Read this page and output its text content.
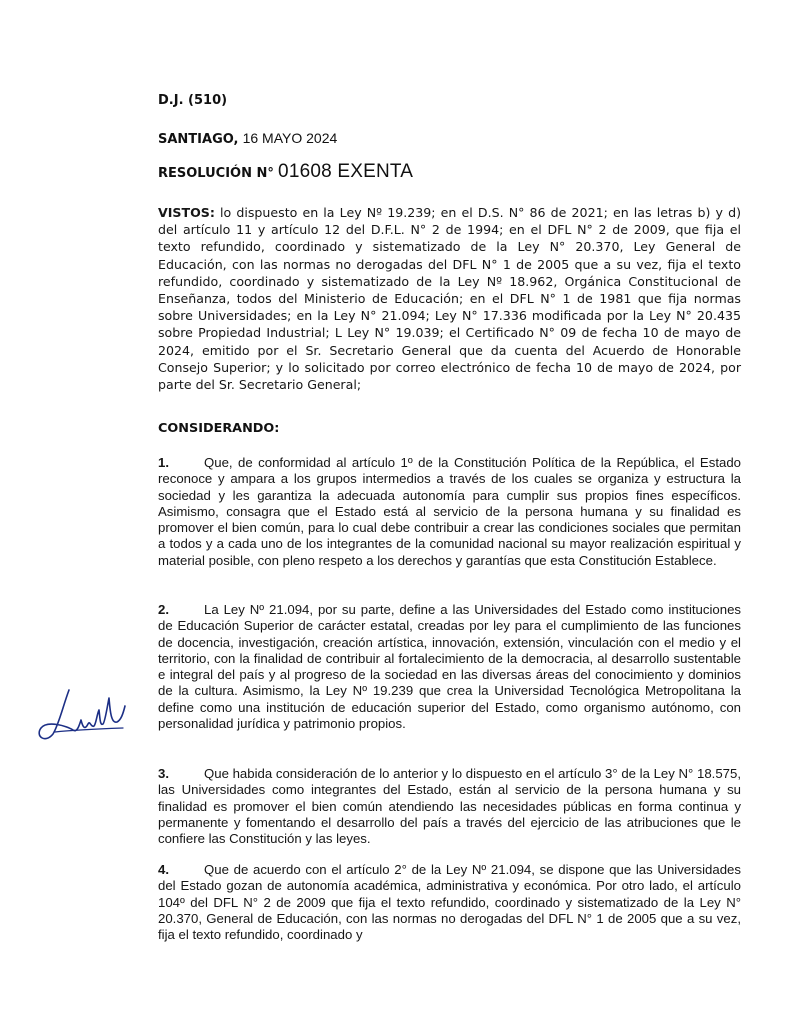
D.J. (510)
SANTIAGO, 16 MAYO 2024
RESOLUCIÓN N° 01608 EXENTA
VISTOS: lo dispuesto en la Ley Nº 19.239; en el D.S. N° 86 de 2021; en las letras b) y d) del artículo 11 y artículo 12 del D.F.L. N° 2 de 1994; en el DFL N° 2 de 2009, que fija el texto refundido, coordinado y sistematizado de la Ley N° 20.370, Ley General de Educación, con las normas no derogadas del DFL N° 1 de 2005 que a su vez, fija el texto refundido, coordinado y sistematizado de la Ley Nº 18.962, Orgánica Constitucional de Enseñanza, todos del Ministerio de Educación; en el DFL N° 1 de 1981 que fija normas sobre Universidades; en la Ley N° 21.094; Ley N° 17.336 modificada por la Ley N° 20.435 sobre Propiedad Industrial; L Ley N° 19.039; el Certificado N° 09 de fecha 10 de mayo de 2024, emitido por el Sr. Secretario General que da cuenta del Acuerdo de Honorable Consejo Superior; y lo solicitado por correo electrónico de fecha 10 de mayo de 2024, por parte del Sr. Secretario General;
CONSIDERANDO:
1.	Que, de conformidad al artículo 1º de la Constitución Política de la República, el Estado reconoce y ampara a los grupos intermedios a través de los cuales se organiza y estructura la sociedad y les garantiza la adecuada autonomía para cumplir sus propios fines específicos. Asimismo, consagra que el Estado está al servicio de la persona humana y su finalidad es promover el bien común, para lo cual debe contribuir a crear las condiciones sociales que permitan a todos y a cada uno de los integrantes de la comunidad nacional su mayor realización espiritual y material posible, con pleno respeto a los derechos y garantías que esta Constitución Establece.
2.	La Ley Nº 21.094, por su parte, define a las Universidades del Estado como instituciones de Educación Superior de carácter estatal, creadas por ley para el cumplimiento de las funciones de docencia, investigación, creación artística, innovación, extensión, vinculación con el medio y el territorio, con la finalidad de contribuir al fortalecimiento de la democracia, al desarrollo sustentable e integral del país y al progreso de la sociedad en las diversas áreas del conocimiento y dominios de la cultura. Asimismo, la Ley Nº 19.239 que crea la Universidad Tecnológica Metropolitana la define como una institución de educación superior del Estado, como organismo autónomo, con personalidad jurídica y patrimonio propios.
3.	Que habida consideración de lo anterior y lo dispuesto en el artículo 3° de la Ley N° 18.575, las Universidades como integrantes del Estado, están al servicio de la persona humana y su finalidad es promover el bien común atendiendo las necesidades públicas en forma continua y permanente y fomentando el desarrollo del país a través del ejercicio de las atribuciones que le confiere las Constitución y las leyes.
4.	Que de acuerdo con el artículo 2° de la Ley Nº 21.094, se dispone que las Universidades del Estado gozan de autonomía académica, administrativa y económica. Por otro lado, el artículo 104º del DFL N° 2 de 2009 que fija el texto refundido, coordinado y sistematizado de la Ley N° 20.370, General de Educación, con las normas no derogadas del DFL N° 1 de 2005 que a su vez, fija el texto refundido, coordinado y
